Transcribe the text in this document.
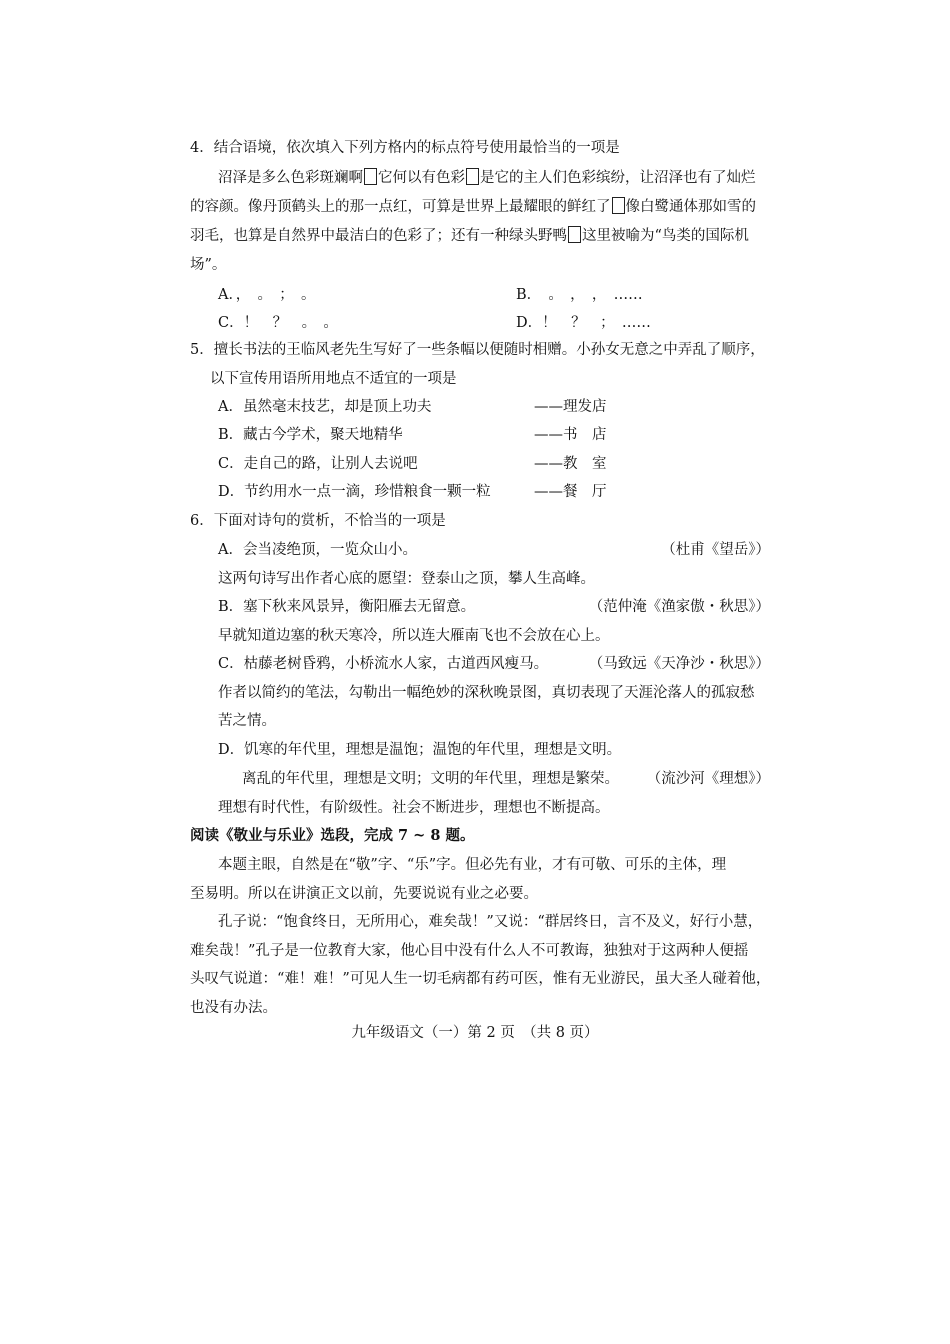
4．结合语境，依次填入下列方格内的标点符号使用最恰当的一项是
沼泽是多么色彩斑斓啊 它何以有色彩 是它的主人们色彩缤纷，让沼泽也有了灿烂
的容颜。像丹顶鹤头上的那一点红，可算是世界上最耀眼的鲜红了 像白鹭通体那如雪的
羽毛，也算是自然界中最洁白的色彩了；还有一种绿头野鸭 这里被喻为“鸟类的国际机
场”。
A．，　。　；　。	B．　。　，　，　……
C．！　？　。　。	D．！　？　；　……
5．擅长书法的王临风老先生写好了一些条幅以便随时相赠。小孙女无意之中弄乱了顺序，
以下宣传用语所用地点不适宜的一项是
A．虽然毫末技艺，却是顶上功夫	——理发店
B．藏古今学术，聚天地精华	——书　店
C．走自己的路，让别人去说吧	——教　室
D．节约用水一点一滴，珍惜粮食一颗一粒	——餐　厅
6．下面对诗句的赏析，不恰当的一项是
A．会当凌绝顶，一览众山小。	（杜甫《望岳》）
这两句诗写出作者心底的愿望：登泰山之顶，攀人生高峰。
B．塞下秋来风景异，衡阳雁去无留意。	（范仲淹《渔家傲・秋思》）
早就知道边塞的秋天寒冷，所以连大雁南飞也不会放在心上。
C．枯藤老树昏鸦，小桥流水人家，古道西风瘦马。	（马致远《天净沙・秋思》）
作者以简约的笔法，勾勒出一幅绝妙的深秋晚景图，真切表现了天涯沦落人的孤寂愁
苦之情。
D．饥寒的年代里，理想是温饱；温饱的年代里，理想是文明。
离乱的年代里，理想是文明；文明的年代里，理想是繁荣。 （流沙河《理想》）
理想有时代性，有阶级性。社会不断进步，理想也不断提高。
阅读《敬业与乐业》选段，完成 7 ~ 8 题。
本题主眼，自然是在“敬”字、“乐”字。但必先有业，才有可敬、可乐的主体，理
至易明。所以在讲演正文以前，先要说说有业之必要。
孔子说：“饱食终日，无所用心，难矣哉！”又说：“群居终日，言不及义，好行小慧，
难矣哉！”孔子是一位教育大家，他心目中没有什么人不可教诲，独独对于这两种人便摇
头叹气说道：“难！难！”可见人生一切毛病都有药可医，惟有无业游民，虽大圣人碰着他，
也没有办法。
九年级语文（一）第 2 页　（共 8 页）
